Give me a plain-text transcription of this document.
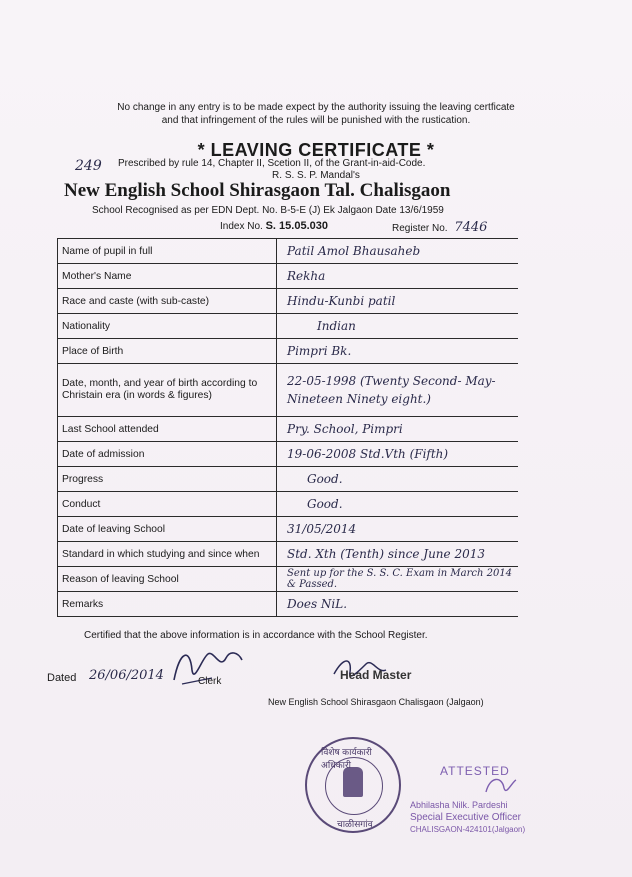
No change in any entry is to be made expect by the authority issuing the leaving certficate
and that infringement of the rules will be punished with the rustication.
* LEAVING CERTIFICATE *
249 Prescribed by rule 14, Chapter II, Scetion II, of the Grant-in-aid-Code.
R. S. S. P. Mandal's
New English School Shirasgaon Tal. Chalisgaon
School Recognised as per EDN Dept. No. B-5-E (J) Ek Jalgaon Date 13/6/1959
Index No. S. 15.05.030	Register No. 7446
Name of pupil in full	Patil Amol Bhausaheb
Mother's Name	Rekha
Race and caste (with sub-caste)	Hindu-Kunbi patil
Nationality	Indian
Place of Birth	Pimpri Bk.
Date, month, and year of birth according to Christain era (in words & figures)	22-05-1998 (Twenty Second- May-Nineteen Ninety eight.)
Last School attended	Pry. School, Pimpri
Date of admission	19-06-2008 Std.Vth (Fifth)
Progress	Good.
Conduct	Good.
Date of leaving School	31/05/2014
Standard in which studying and since when	Std. Xth (Tenth) since June 2013
Reason of leaving School	Sent up for the S. S. C. Exam in March 2014 & Passed.
Remarks	Does NiL.
Certified that the above information is in accordance with the School Register.
Dated 26/06/2014	Clerk	Head Master
New English School Shirasgaon Chalisgaon (Jalgaon)
विशेष कार्यकारी अधिकारी
चाळीसगांव
ATTESTED
Abhilasha Nilk. Pardeshi
Special Executive Officer
CHALISGAON-424101(Jalgaon)
